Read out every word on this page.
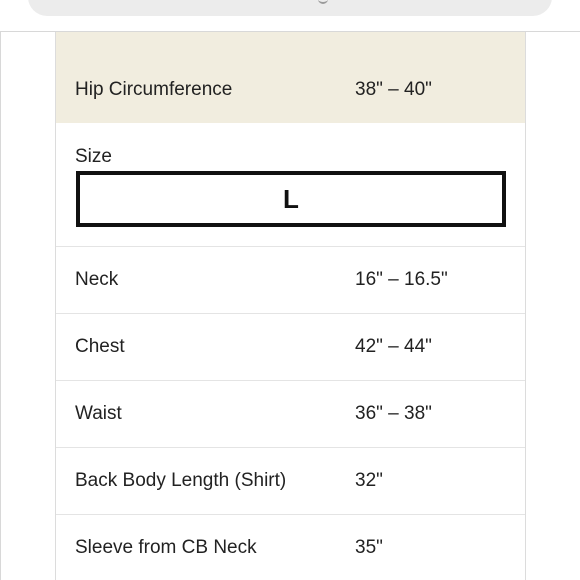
Hip Circumference	38" – 40"
Size
L
Neck	16" – 16.5"
Chest	42" – 44"
Waist	36" – 38"
Back Body Length (Shirt)	32"
Sleeve from CB Neck	35"
